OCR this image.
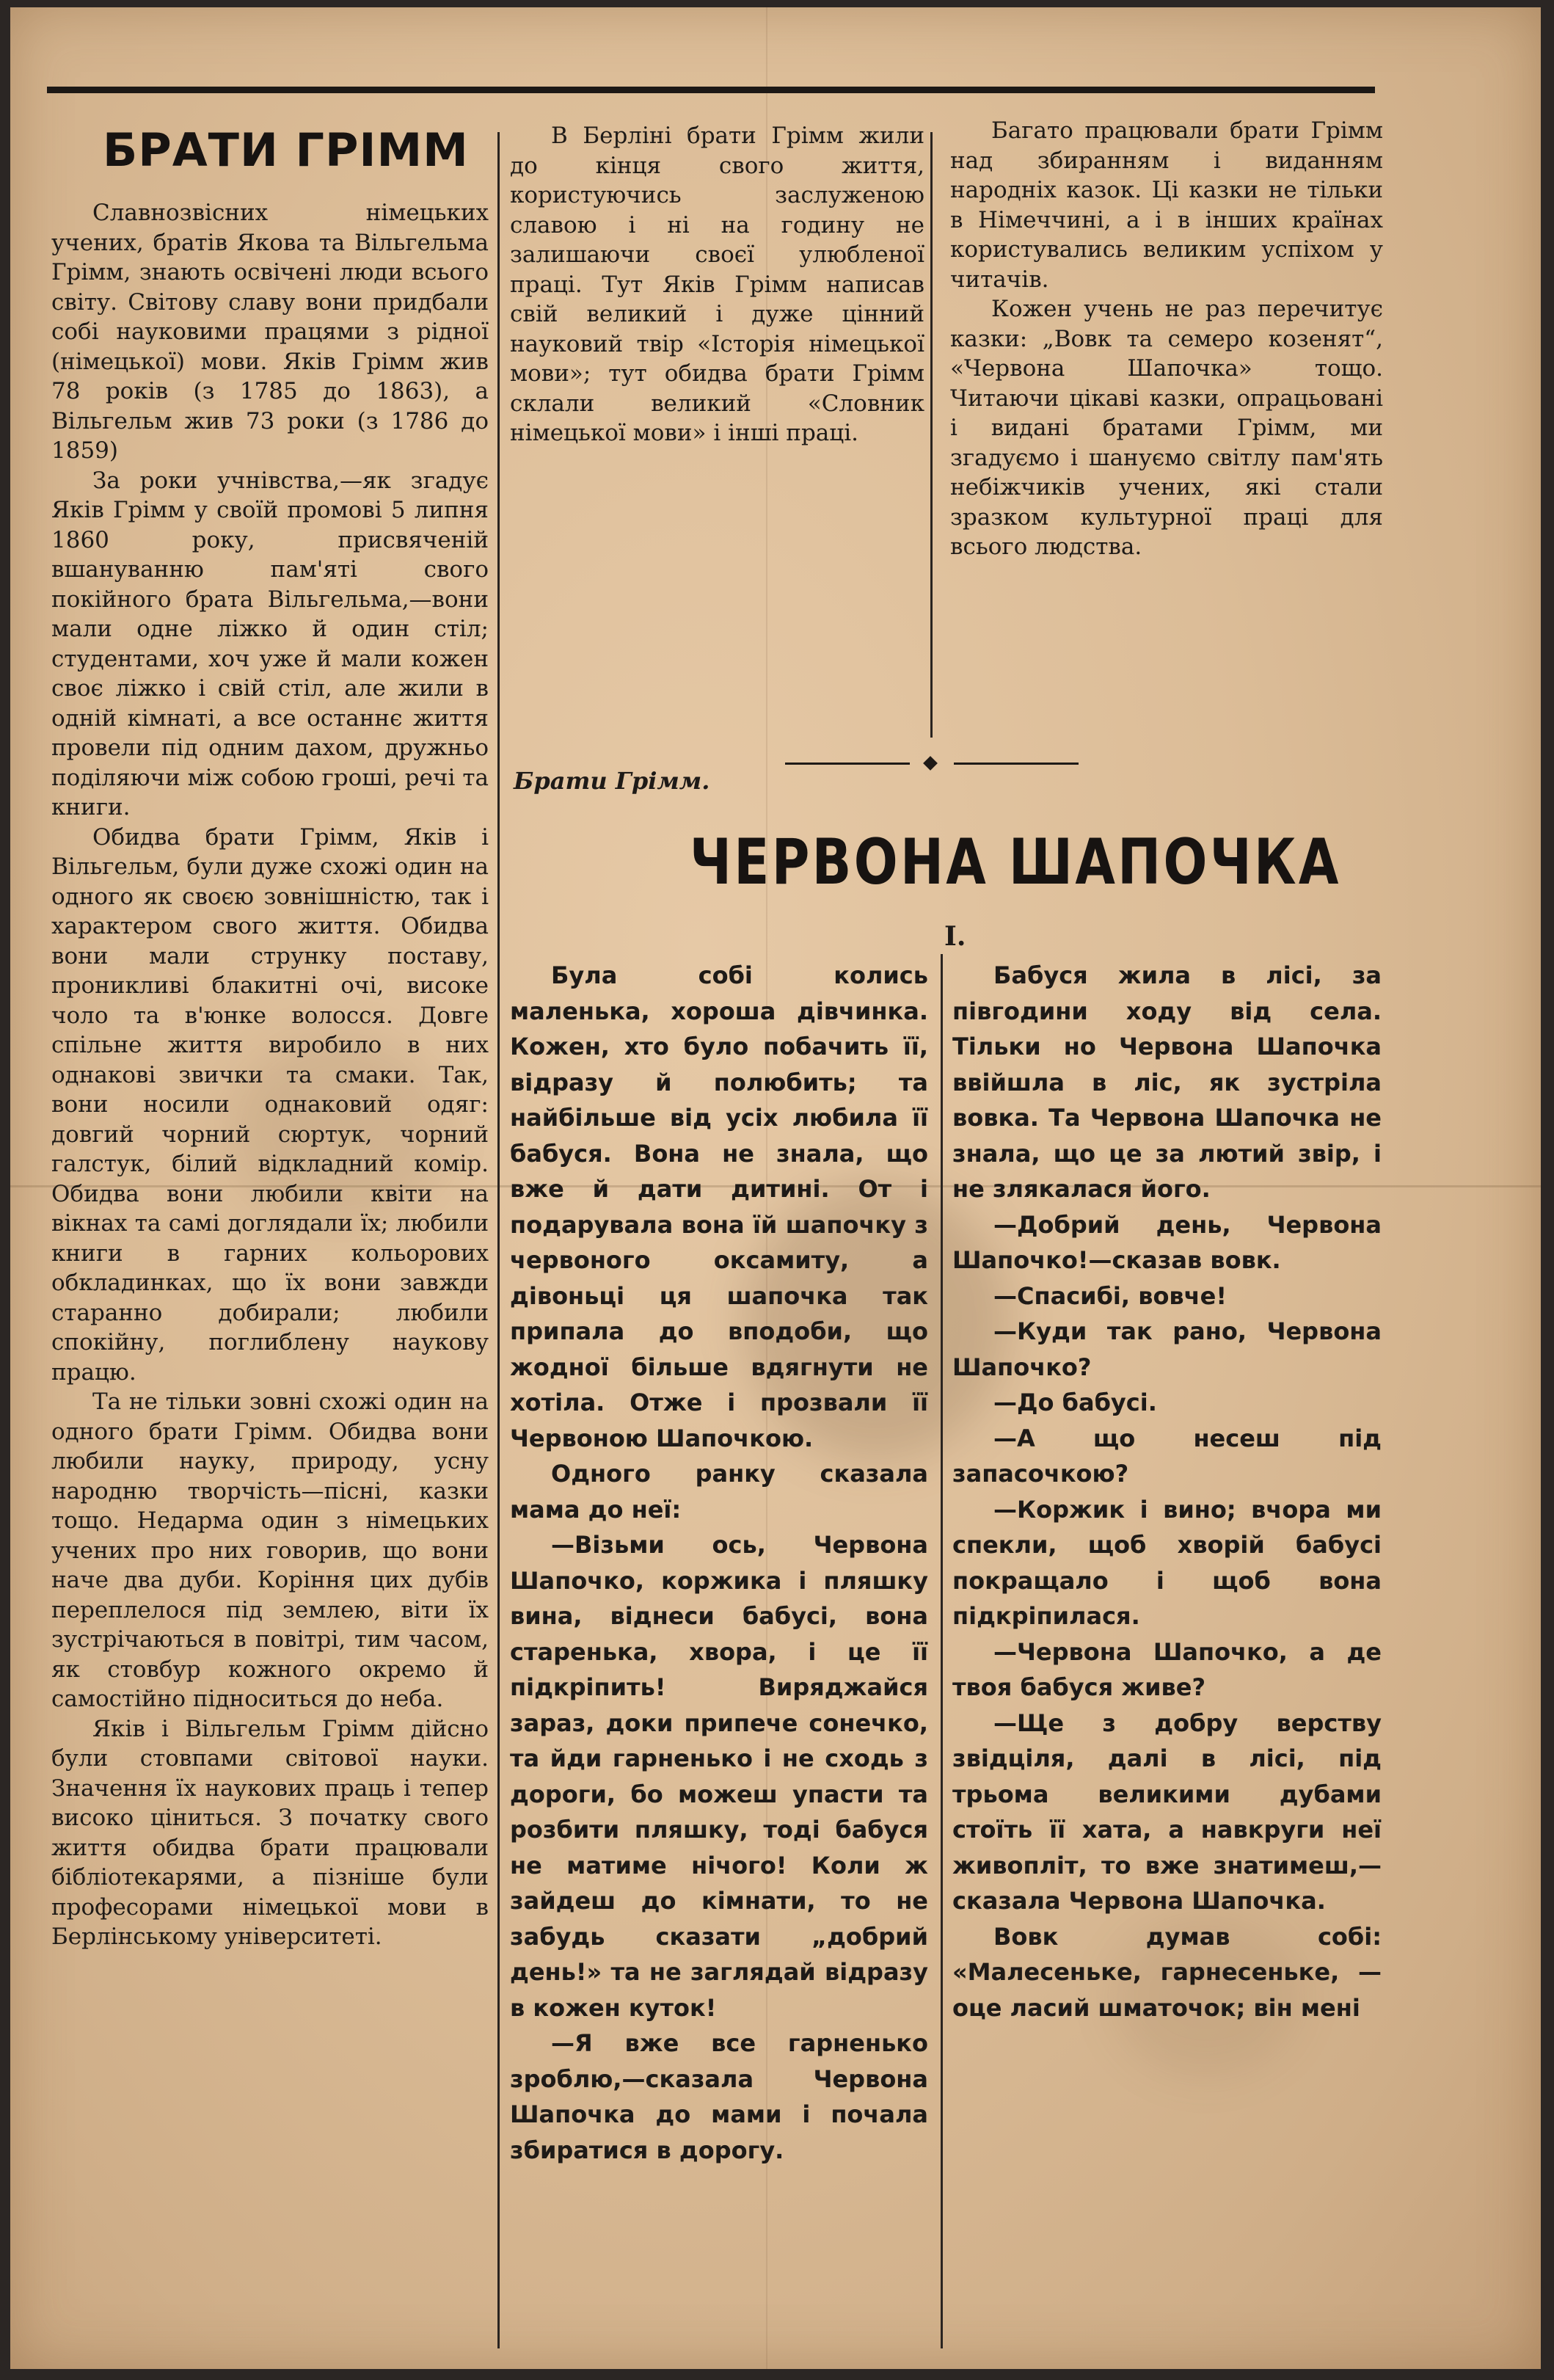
БРАТИ ГРІММ

Славнозвісних німецьких учених, братів Якова та Вільгельма Грімм, знають освічені люди всього світу. Світову славу вони придбали собі науковими працями з рідної (німецької) мови. Яків Грімм жив 78 років (з 1785 до 1863), а Вільгельм жив 73 роки (з 1786 до 1859)

За роки учнівства,—як згадує Яків Грімм у своїй промові 5 липня 1860 року, присвяченій вшануванню пам'яті свого покійного брата Вільгельма,—вони мали одне ліжко й один стіл; студентами, хоч уже й мали кожен своє ліжко і свій стіл, але жили в одній кімнаті, а все останнє життя провели під одним дахом, дружньо поділяючи між собою гроші, речі та книги.

Обидва брати Грімм, Яків і Вільгельм, були дуже схожі один на одного як своєю зовнішністю, так і характером свого життя. Обидва вони мали струнку поставу, проникливі блакитні очі, високе чоло та в'юнке волосся. Довге спільне життя виробило в них однакові звички та смаки. Так, вони носили однаковий одяг: довгий чорний сюртук, чорний галстук, білий відкладний комір. Обидва вони любили квіти на вікнах та самі доглядали їх; любили книги в гарних кольорових обкладинках, що їх вони завжди старанно добирали; любили спокійну, поглиблену наукову працю.

Та не тільки зовні схожі один на одного брати Грімм. Обидва вони любили науку, природу, усну народню творчість—пісні, казки тощо. Недарма один з німецьких учених про них говорив, що вони наче два дуби. Коріння цих дубів переплелося під землею, віти їх зустрічаються в повітрі, тим часом, як стовбур кожного окремо й самостійно підноситься до неба.

Яків і Вільгельм Грімм дійсно були стовпами світової науки. Значення їх наукових праць і тепер високо цiниться. З початку свого життя обидва брати працювали бібліотекарями, а пізніше були професорами німецької мови в Берлінському університеті.

В Берліні брати Грімм жили до кінця свого життя, користуючись заслуженою славою і ні на годину не залишаючи своєї улюбленої праці. Тут Яків Грімм написав свій великий і дуже цінний науковий твір «Історія німецької мови»; тут обидва брати Грімм склали великий «Словник німецької мови» і інші праці.

Багато працювали брати Грімм над збиранням і виданням народніх казок. Ці казки не тільки в Німеччині, а і в інших країнах користувались великим успіхом у читачів.

Кожен учень не раз перечитує казки: „Вовк та семеро козенят“, «Червона Шапочка» тощо. Читаючи цікаві казки, опрацьовані і видані братами Грімм, ми згадуємо і шануємо світлу пам'ять небіжчиків учених, які стали зразком культурної праці для всього людства.

Брати Грімм.
ЧЕРВОНА ШАПОЧКА
I.

Була собі колись маленька, хороша дівчинка. Кожен, хто було побачить її, відразу й полюбить; та найбільше від усіх любила її бабуся. Вона не знала, що вже й дати дитині. От і подарувала вона їй шапочку з червоного оксамиту, а дівоньці ця шапочка так припала до вподоби, що жодної більше вдягнути не хотіла. Отже і прозвали її Червоною Шапочкою.

Одного ранку сказала мама до неї:

—Візьми ось, Червона Шапочко, коржика і пляшку вина, віднеси бабусі, вона старенька, хвора, і це її підкріпить! Виряджайся зараз, доки припече сонечко, та йди гарненько і не сходь з дороги, бо можеш упасти та розбити пляшку, тоді бабуся не матиме нічого! Коли ж зайдеш до кімнати, то не забудь сказати „добрий день!» та не заглядай відразу в кожен куток!

—Я вже все гарненько зроблю,—сказала Червона Шапочка до мами і почала збиратися в дорогу.

Бабуся жила в лісі, за півгодини ходу від села. Тільки но Червона Шапочка ввійшла в ліс, як зустріла вовка. Та Червона Шапочка не знала, що це за лютий звір, і не злякалася його.

—Добрий день, Червона Шапочко!—сказав вовк.

—Спасибі, вовче!

—Куди так рано, Червона Шапочко?

—До бабусі.

—А що несеш під запасочкою?

—Коржик і вино; вчора ми спекли, щоб хворій бабусі покращало і щоб вона підкріпилася.

—Червона Шапочко, а де твоя бабуся живе?

—Ще з добру верству звідціля, далі в лісі, під трьома великими дубами стоїть її хата, а навкруги неї живопліт, то вже знатимеш,—сказала Червона Шапочка.

Вовк думав собі: «Малесеньке, гарнесеньке, — оце ласий шматочок; він мені
